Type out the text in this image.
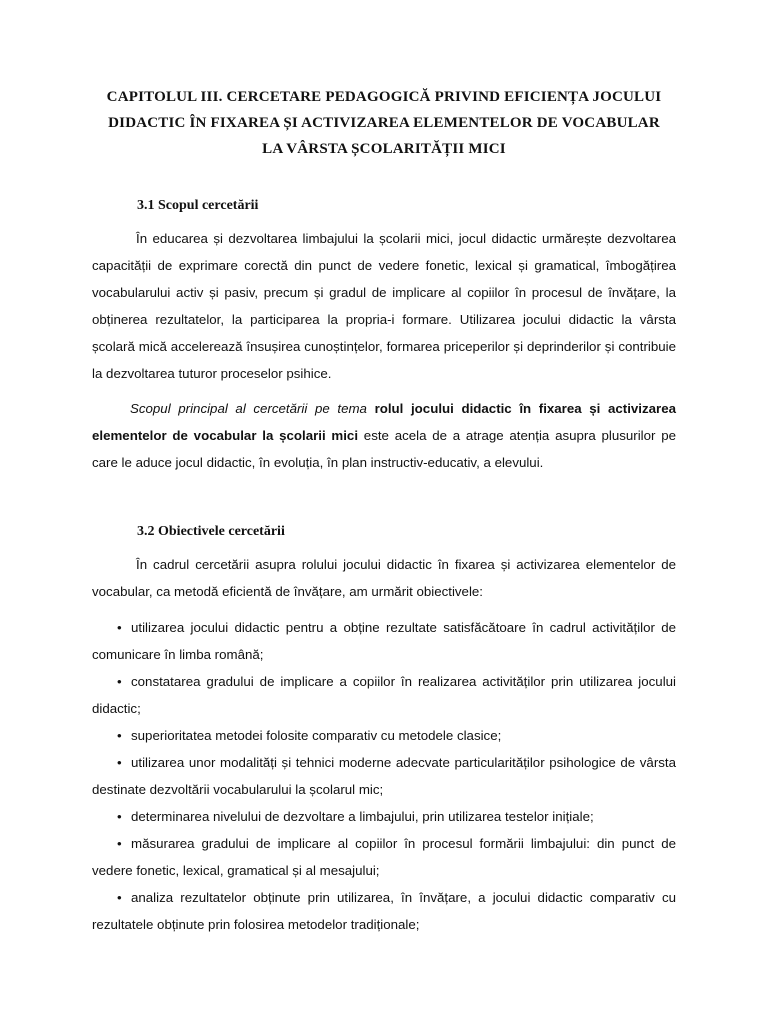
CAPITOLUL III. CERCETARE PEDAGOGICĂ PRIVIND EFICIENȚA JOCULUI
DIDACTIC ÎN FIXAREA ȘI ACTIVIZAREA ELEMENTELOR DE VOCABULAR
LA VÂRSTA ȘCOLARITĂȚII MICI
3.1 Scopul cercetării

În educarea și dezvoltarea limbajului la școlarii mici, jocul didactic urmărește dezvoltarea capacității de exprimare corectă din punct de vedere fonetic, lexical și gramatical, îmbogățirea vocabularului activ și pasiv, precum și gradul de implicare al copiilor în procesul de învățare, la obținerea rezultatelor, la participarea la propria-i formare. Utilizarea jocului didactic la vârsta școlară mică accelerează însușirea cunoștințelor, formarea priceperilor și deprinderilor și contribuie la dezvoltarea tuturor proceselor psihice.

Scopul principal al cercetării pe tema rolul jocului didactic în fixarea și activizarea elementelor de vocabular la școlarii mici este acela de a atrage atenția asupra plusurilor pe care le aduce jocul didactic, în evoluția, în plan instructiv-educativ, a elevului.

3.2 Obiectivele cercetării

În cadrul cercetării asupra rolului jocului didactic în fixarea și activizarea elementelor de vocabular, ca metodă eficientă de învățare, am urmărit obiectivele:

• utilizarea jocului didactic pentru a obține rezultate satisfăcătoare în cadrul activităților de comunicare în limba română;
• constatarea gradului de implicare a copiilor în realizarea activităților prin utilizarea jocului didactic;
• superioritatea metodei folosite comparativ cu metodele clasice;
• utilizarea unor modalități și tehnici moderne adecvate particularităților psihologice de vârsta destinate dezvoltării vocabularului la școlarul mic;
• determinarea nivelului de dezvoltare a limbajului, prin utilizarea testelor inițiale;
• măsurarea gradului de implicare al copiilor în procesul formării limbajului: din punct de vedere fonetic, lexical, gramatical și al mesajului;
• analiza rezultatelor obținute prin utilizarea, în învățare, a jocului didactic comparativ cu rezultatele obținute prin folosirea metodelor tradiționale;
